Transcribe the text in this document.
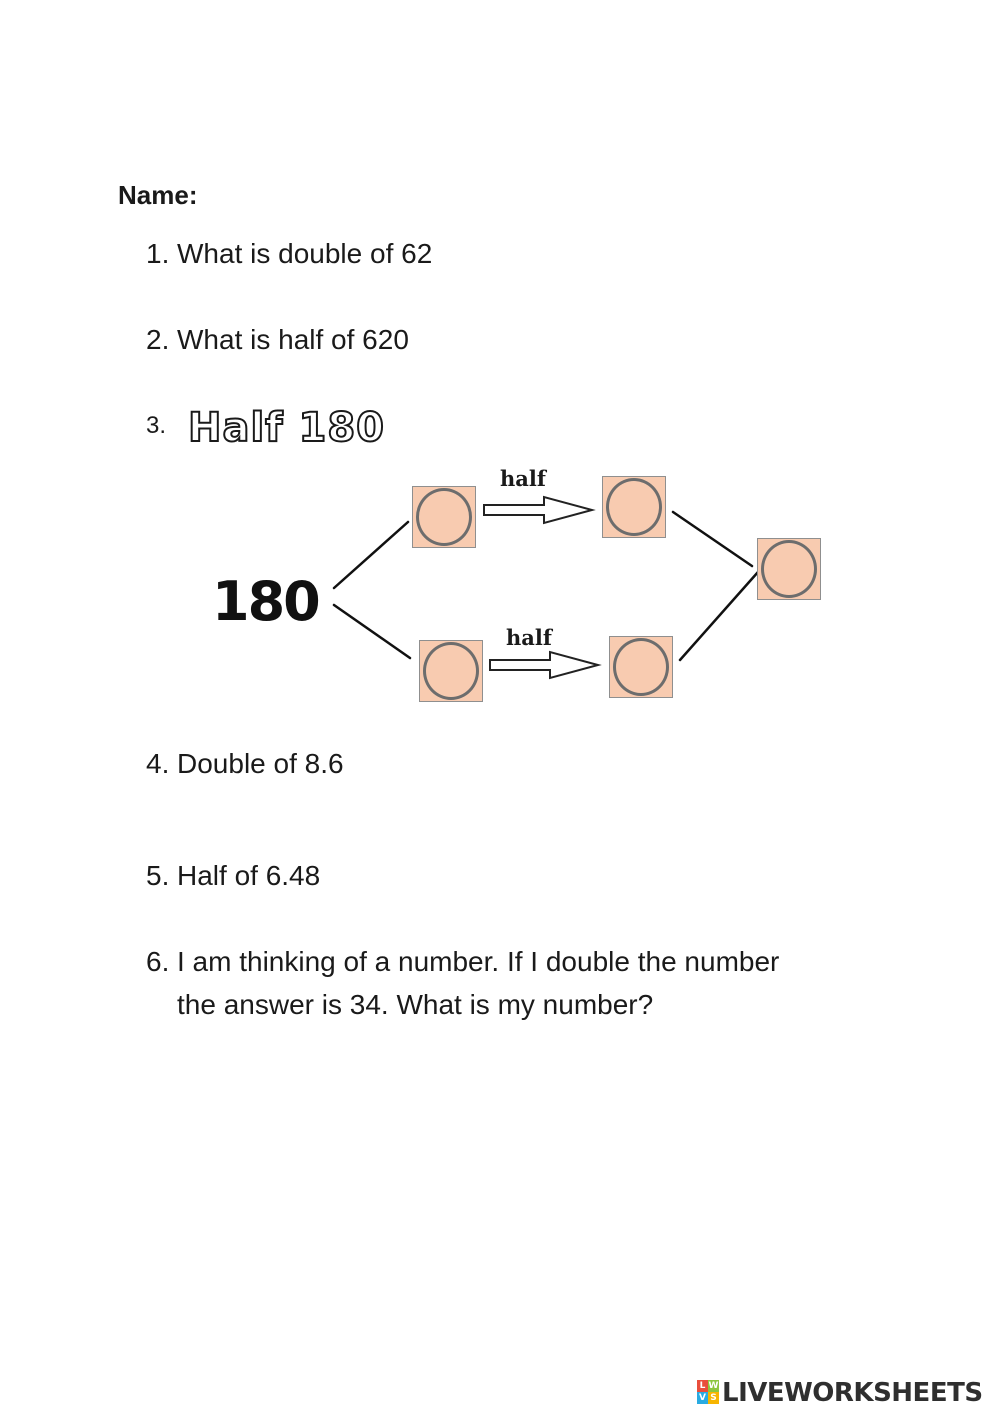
Name:
1. What is double of 62
2. What is half of 620
3. Half 180
180
half
half
4. Double of 8.6
5. Half of 6.48
6. I am thinking of a number. If I double the number
the answer is 34. What is my number?
L W
V S LIVEWORKSHEETS
